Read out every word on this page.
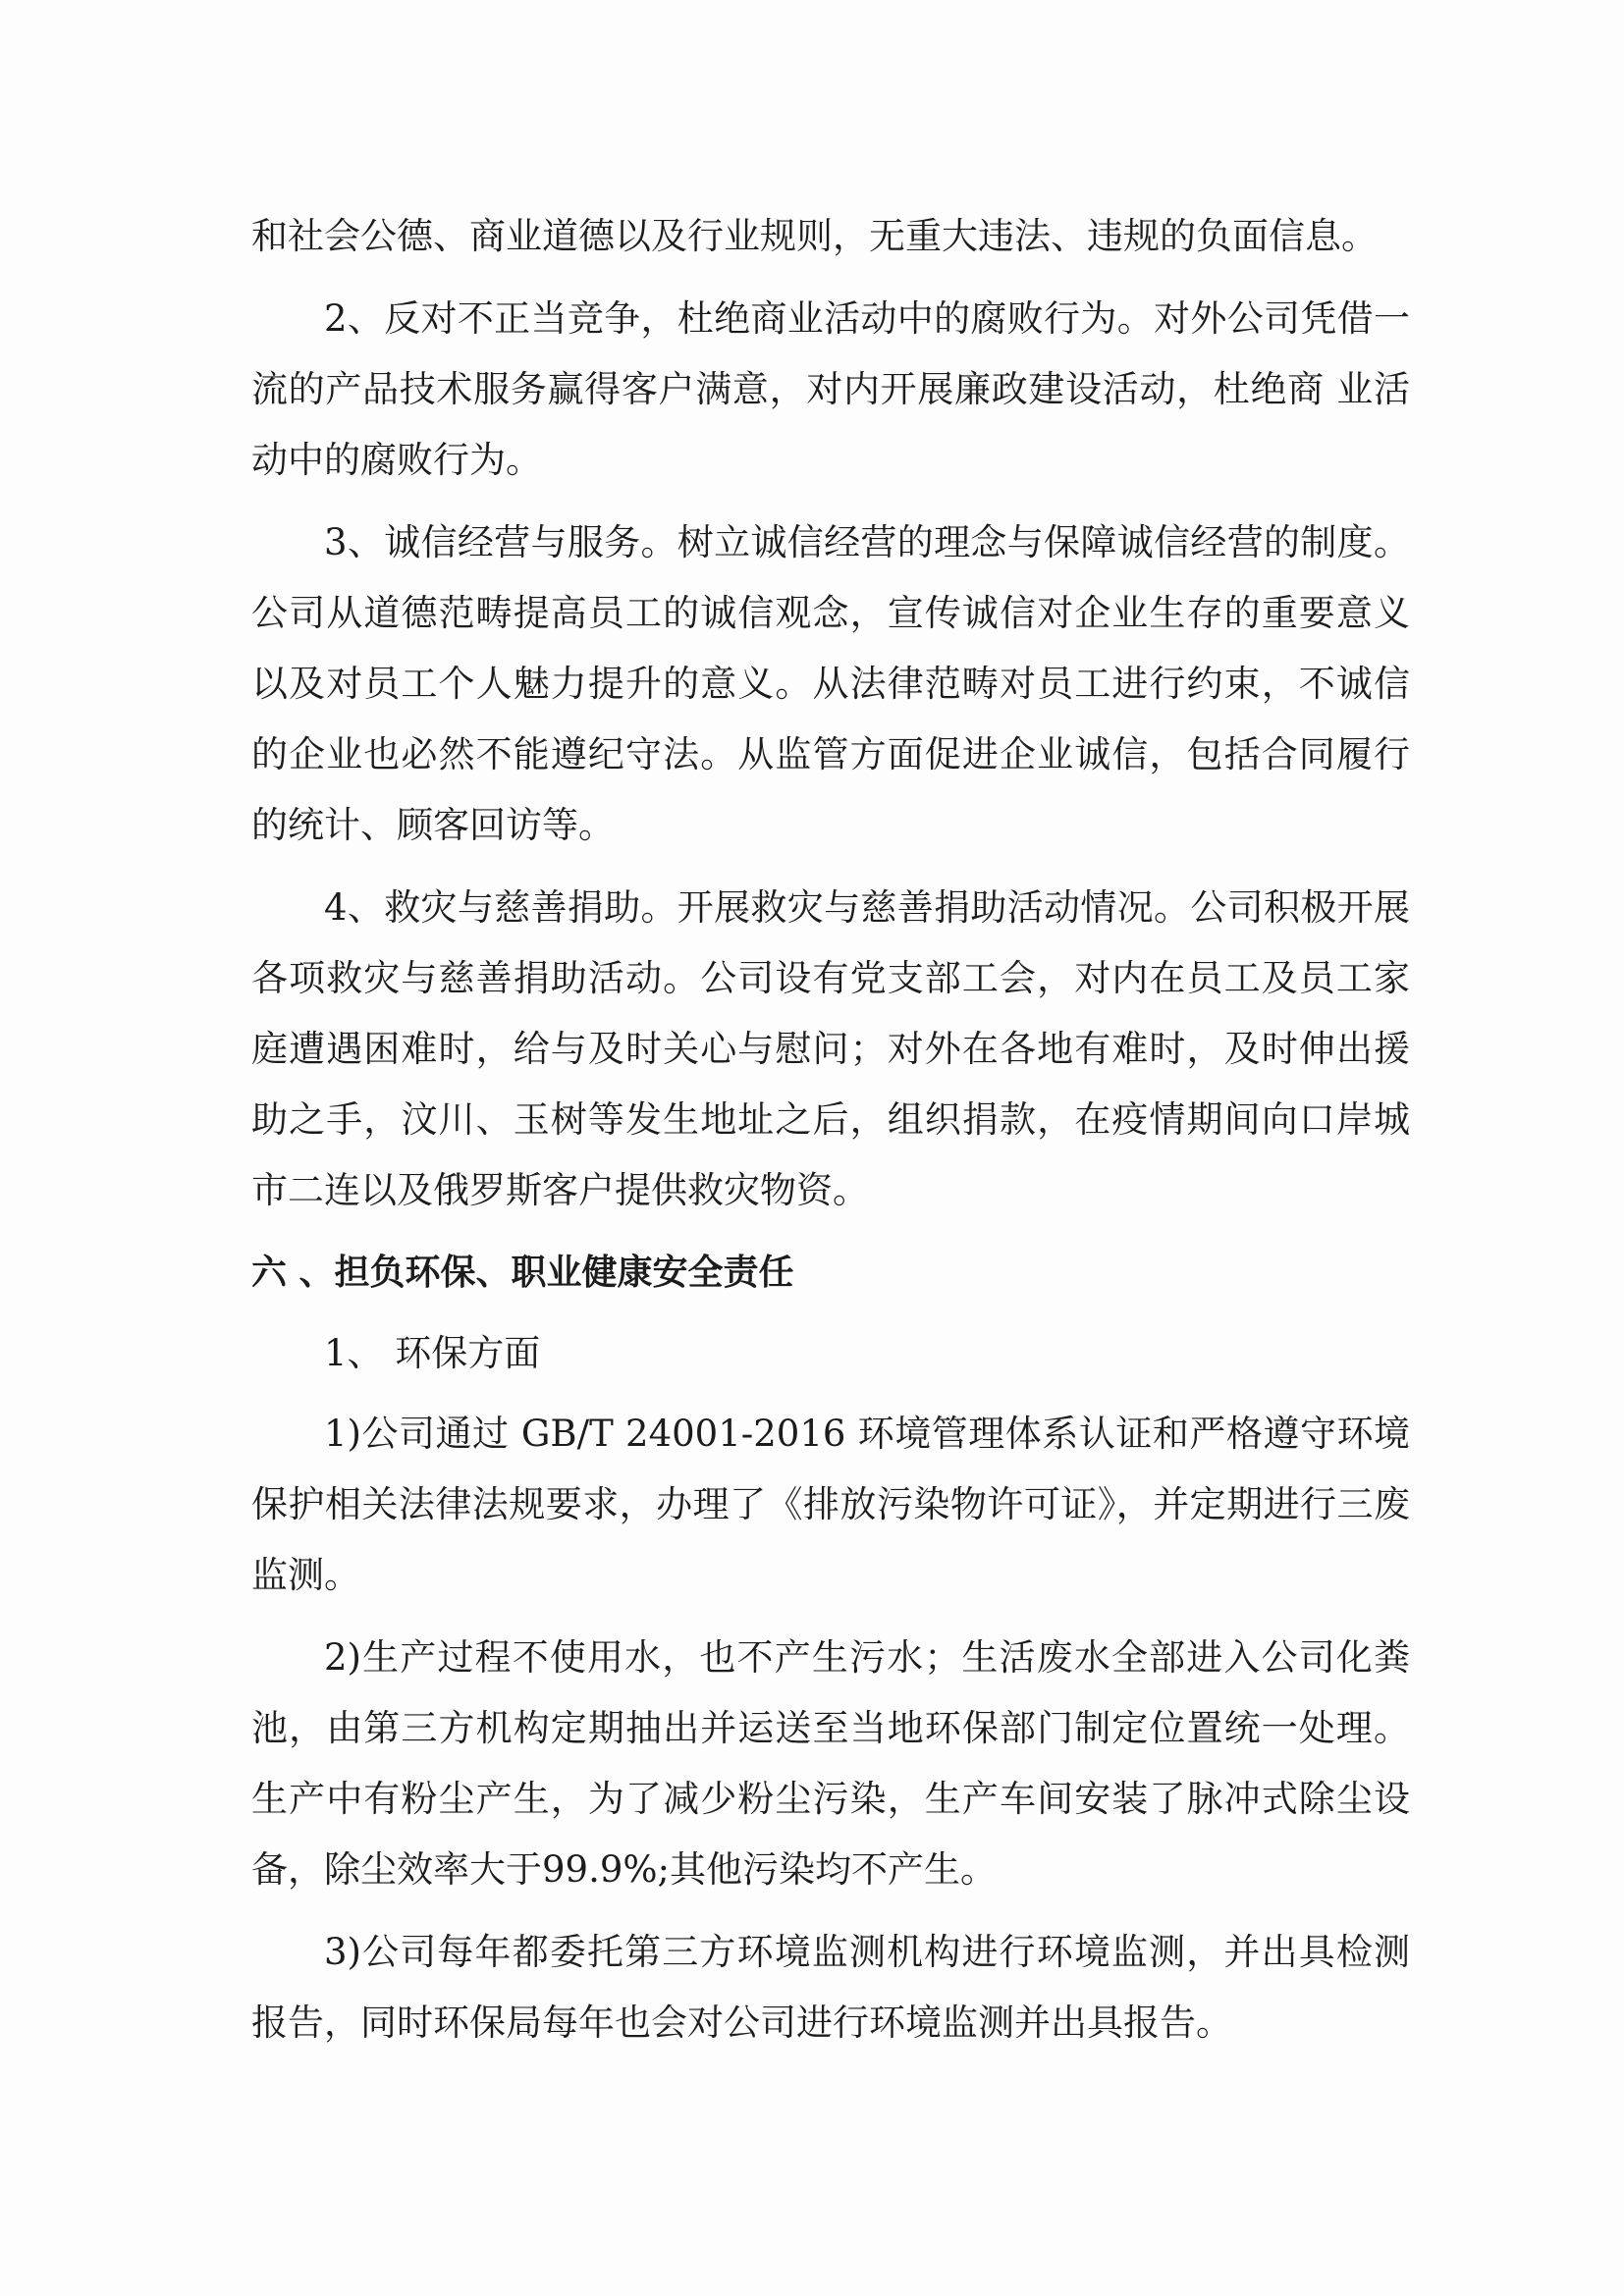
和社会公德、商业道德以及行业规则，无重大违法、违规的负面信息。

2、反对不正当竞争，杜绝商业活动中的腐败行为。对外公司凭借一流的产品技术服务赢得客户满意，对内开展廉政建设活动，杜绝商 业活动中的腐败行为。

3、诚信经营与服务。树立诚信经营的理念与保障诚信经营的制度。 公司从道德范畴提高员工的诚信观念，宣传诚信对企业生存的重要意义以及对员工个人魅力提升的意义。从法律范畴对员工进行约束，不诚信的企业也必然不能遵纪守法。从监管方面促进企业诚信，包括合同履行的统计、顾客回访等。

4、救灾与慈善捐助。开展救灾与慈善捐助活动情况。公司积极开展各项救灾与慈善捐助活动。公司设有党支部工会，对内在员工及员工家庭遭遇困难时，给与及时关心与慰问；对外在各地有难时，及时伸出援助之手，汶川、玉树等发生地址之后，组织捐款，在疫情期间向口岸城市二连以及俄罗斯客户提供救灾物资。

六 、担负环保、职业健康安全责任

1、 环保方面

1)公司通过 GB/T 24001-2016 环境管理体系认证和严格遵守环境保护相关法律法规要求，办理了《排放污染物许可证》，并定期进行三废监测。

2)生产过程不使用水，也不产生污水；生活废水全部进入公司化粪池，由第三方机构定期抽出并运送至当地环保部门制定位置统一处理。生产中有粉尘产生，为了减少粉尘污染，生产车间安装了脉冲式除尘设备，除尘效率大于99.9%;其他污染均不产生。

3)公司每年都委托第三方环境监测机构进行环境监测，并出具检测报告，同时环保局每年也会对公司进行环境监测并出具报告。
